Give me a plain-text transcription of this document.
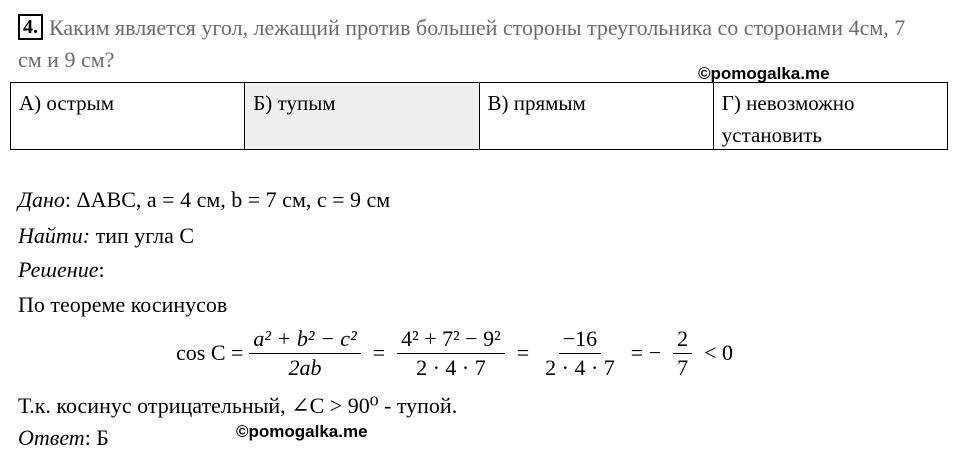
4. Каким является угол, лежащий против большей стороны треугольника со сторонами 4см, 7 см и 9 см?
©pomogalka.me
А) острым	Б) тупым	В) прямым	Г) невозможно установить
Дано: ΔABC, a = 4 см, b = 7 см, c = 9 см
Найти: тип угла C
Решение:
По теореме косинусов
$\cos C = \frac{\text{a² + b² − c²}}{2ab} = \frac{\text{4² + 7² − 9²}}{2 \cdot 4 \cdot 7} = \frac{-16}{2 \cdot 4 \cdot 7}$ = − $\frac{2}{7} < 0$
Т.к. косинус отрицательный, ∠C > 90⁰ - тупой.
Ответ: Б	©pomogalka.me
